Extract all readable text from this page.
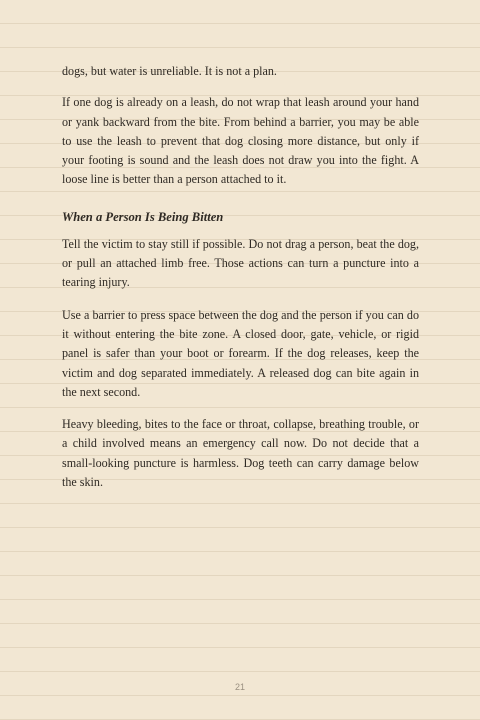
dogs, but water is unreliable. It is not a plan.

If one dog is already on a leash, do not wrap that leash around your hand or yank backward from the bite. From behind a barrier, you may be able to use the leash to prevent that dog closing more distance, but only if your footing is sound and the leash does not draw you into the fight. A loose line is better than a person attached to it.

When a Person Is Being Bitten

Tell the victim to stay still if possible. Do not drag a person, beat the dog, or pull an attached limb free. Those actions can turn a puncture into a tearing injury.

Use a barrier to press space between the dog and the person if you can do it without entering the bite zone. A closed door, gate, vehicle, or rigid panel is safer than your boot or forearm. If the dog releases, keep the victim and dog separated immediately. A released dog can bite again in the next second.

Heavy bleeding, bites to the face or throat, collapse, breathing trouble, or a child involved means an emergency call now. Do not decide that a small-looking puncture is harmless. Dog teeth can carry damage below the skin.

21
